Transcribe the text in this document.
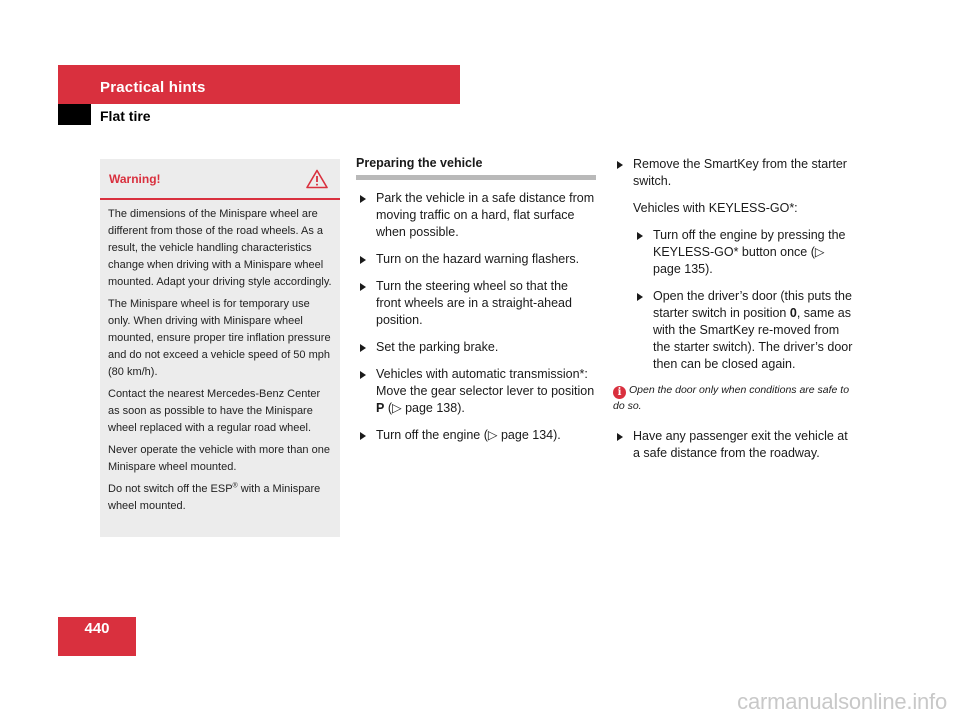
Practical hints
Flat tire
Warning!

The dimensions of the Minispare wheel are different from those of the road wheels. As a result, the vehicle handling characteristics change when driving with a Minispare wheel mounted. Adapt your driving style accordingly.

The Minispare wheel is for temporary use only. When driving with Minispare wheel mounted, ensure proper tire inflation pressure and do not exceed a vehicle speed of 50 mph (80 km/h).

Contact the nearest Mercedes-Benz Center as soon as possible to have the Minispare wheel replaced with a regular road wheel.

Never operate the vehicle with more than one Minispare wheel mounted.

Do not switch off the ESP® with a Minispare wheel mounted.

Preparing the vehicle
Park the vehicle in a safe distance from moving traffic on a hard, flat surface when possible.
Turn on the hazard warning flashers.
Turn the steering wheel so that the front wheels are in a straight-ahead position.
Set the parking brake.
Vehicles with automatic transmission*: Move the gear selector lever to position P (▷ page 138).
Turn off the engine (▷ page 134).
Remove the SmartKey from the starter switch.
Vehicles with KEYLESS-GO*:
Turn off the engine by pressing the KEYLESS-GO* button once (▷ page 135).
Open the driver’s door (this puts the starter switch in position 0, same as with the SmartKey re-moved from the starter switch). The driver’s door then can be closed again.
i Open the door only when conditions are safe to do so.
Have any passenger exit the vehicle at a safe distance from the roadway.
440
carmanualsonline.info
